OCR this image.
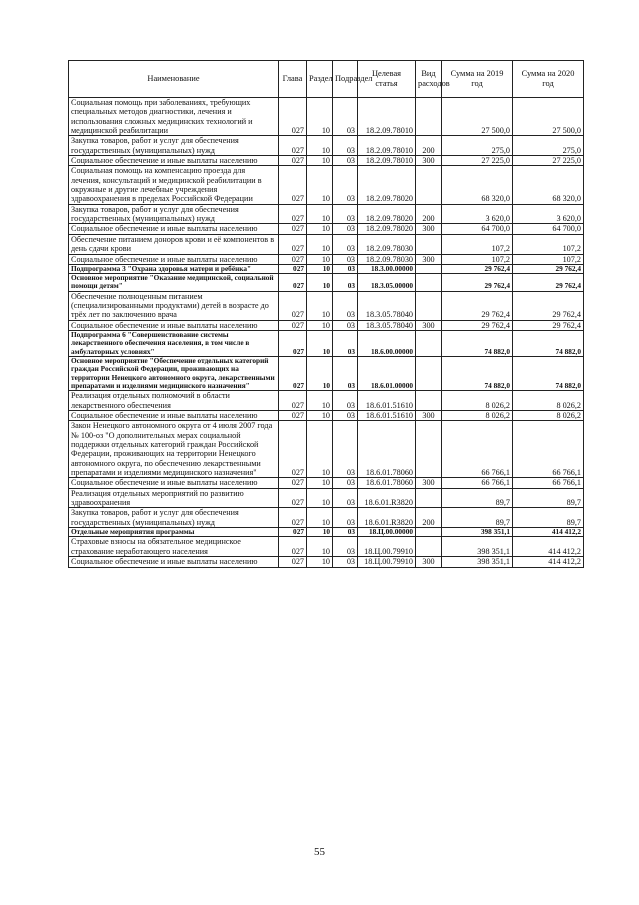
Наименование	Глава	Раздел	Подраздел	Целевая статья	Вид расходов	Сумма на 2019 год	Сумма на 2020 год
Социальная помощь при заболеваниях, требующих специальных методов диагностики, лечения и использования сложных медицинских технологий и медицинской реабилитации	027	10	03	18.2.09.78010		27 500,0	27 500,0
Закупка товаров, работ и услуг для обеспечения государственных (муниципальных) нужд	027	10	03	18.2.09.78010	200	275,0	275,0
Социальное обеспечение и иные выплаты населению	027	10	03	18.2.09.78010	300	27 225,0	27 225,0
Социальная помощь на компенсацию проезда для лечения, консультаций и медицинской реабилитации в окружные и другие лечебные учреждения здравоохранения в пределах Российской Федерации	027	10	03	18.2.09.78020		68 320,0	68 320,0
Закупка товаров, работ и услуг для обеспечения государственных (муниципальных) нужд	027	10	03	18.2.09.78020	200	3 620,0	3 620,0
Социальное обеспечение и иные выплаты населению	027	10	03	18.2.09.78020	300	64 700,0	64 700,0
Обеспечение питанием доноров крови и её компонентов в день сдачи крови	027	10	03	18.2.09.78030		107,2	107,2
Социальное обеспечение и иные выплаты населению	027	10	03	18.2.09.78030	300	107,2	107,2
Подпрограмма 3 "Охрана здоровья матери и ребёнка"	027	10	03	18.3.00.00000		29 762,4	29 762,4
Основное мероприятие "Оказание медицинской, социальной помощи детям"	027	10	03	18.3.05.00000		29 762,4	29 762,4
Обеспечение полноценным питанием (специализированными продуктами) детей в возрасте до трёх лет по заключению врача	027	10	03	18.3.05.78040		29 762,4	29 762,4
Социальное обеспечение и иные выплаты населению	027	10	03	18.3.05.78040	300	29 762,4	29 762,4
Подпрограмма 6 "Совершенствование системы лекарственного обеспечения населения, в том числе в амбулаторных условиях"	027	10	03	18.6.00.00000		74 882,0	74 882,0
Основное мероприятие "Обеспечение отдельных категорий граждан Российской Федерации, проживающих на территории Ненецкого автономного округа, лекарственными препаратами и изделиями медицинского назначения"	027	10	03	18.6.01.00000		74 882,0	74 882,0
Реализация отдельных полномочий в области лекарственного обеспечения	027	10	03	18.6.01.51610		8 026,2	8 026,2
Социальное обеспечение и иные выплаты населению	027	10	03	18.6.01.51610	300	8 026,2	8 026,2
Закон Ненецкого автономного округа от 4 июля 2007 года № 100-оз "О дополнительных мерах социальной поддержки отдельных категорий граждан Российской Федерации, проживающих на территории Ненецкого автономного округа, по обеспечению лекарственными препаратами и изделиями медицинского назначения"	027	10	03	18.6.01.78060		66 766,1	66 766,1
Социальное обеспечение и иные выплаты населению	027	10	03	18.6.01.78060	300	66 766,1	66 766,1
Реализация отдельных мероприятий по развитию здравоохранения	027	10	03	18.6.01.R3820		89,7	89,7
Закупка товаров, работ и услуг для обеспечения государственных (муниципальных) нужд	027	10	03	18.6.01.R3820	200	89,7	89,7
Отдельные мероприятия программы	027	10	03	18.Ц.00.00000		398 351,1	414 412,2
Страховые взносы на обязательное медицинское страхование неработающего населения	027	10	03	18.Ц.00.79910		398 351,1	414 412,2
Социальное обеспечение и иные выплаты населению	027	10	03	18.Ц.00.79910	300	398 351,1	414 412,2
55
